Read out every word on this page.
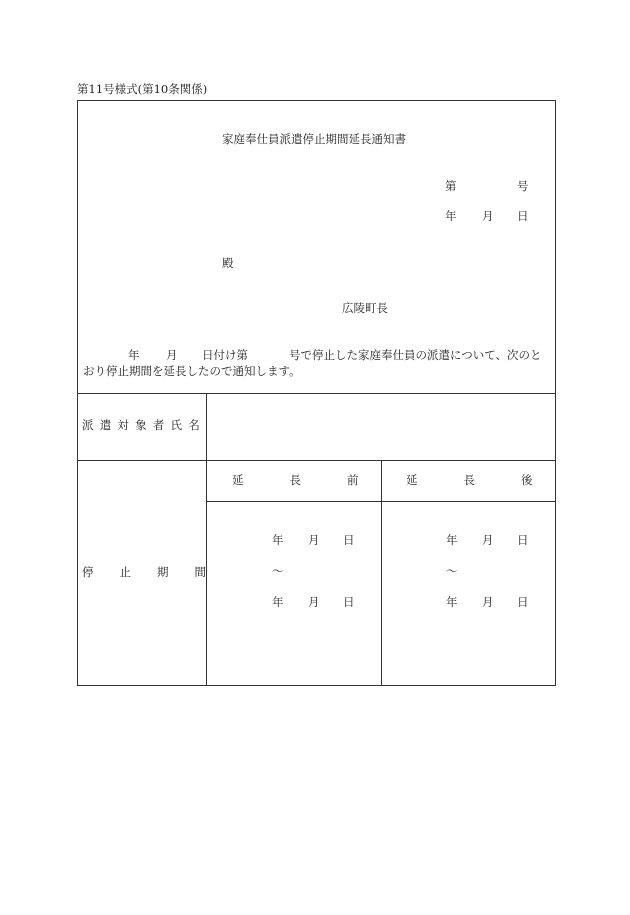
第11号様式(第10条関係)
家庭奉仕員派遣停止期間延長通知書
第	号
年 月 日
殿
広陵町長
年 月 日付け第	号で停止した家庭奉仕員の派遣について、次のと
おり停止期間を延長したので通知します。
派遣対象者氏名
延長前 延長後
停止期間
年 月 日
〜
年 月 日
年 月 日
〜
年 月 日
